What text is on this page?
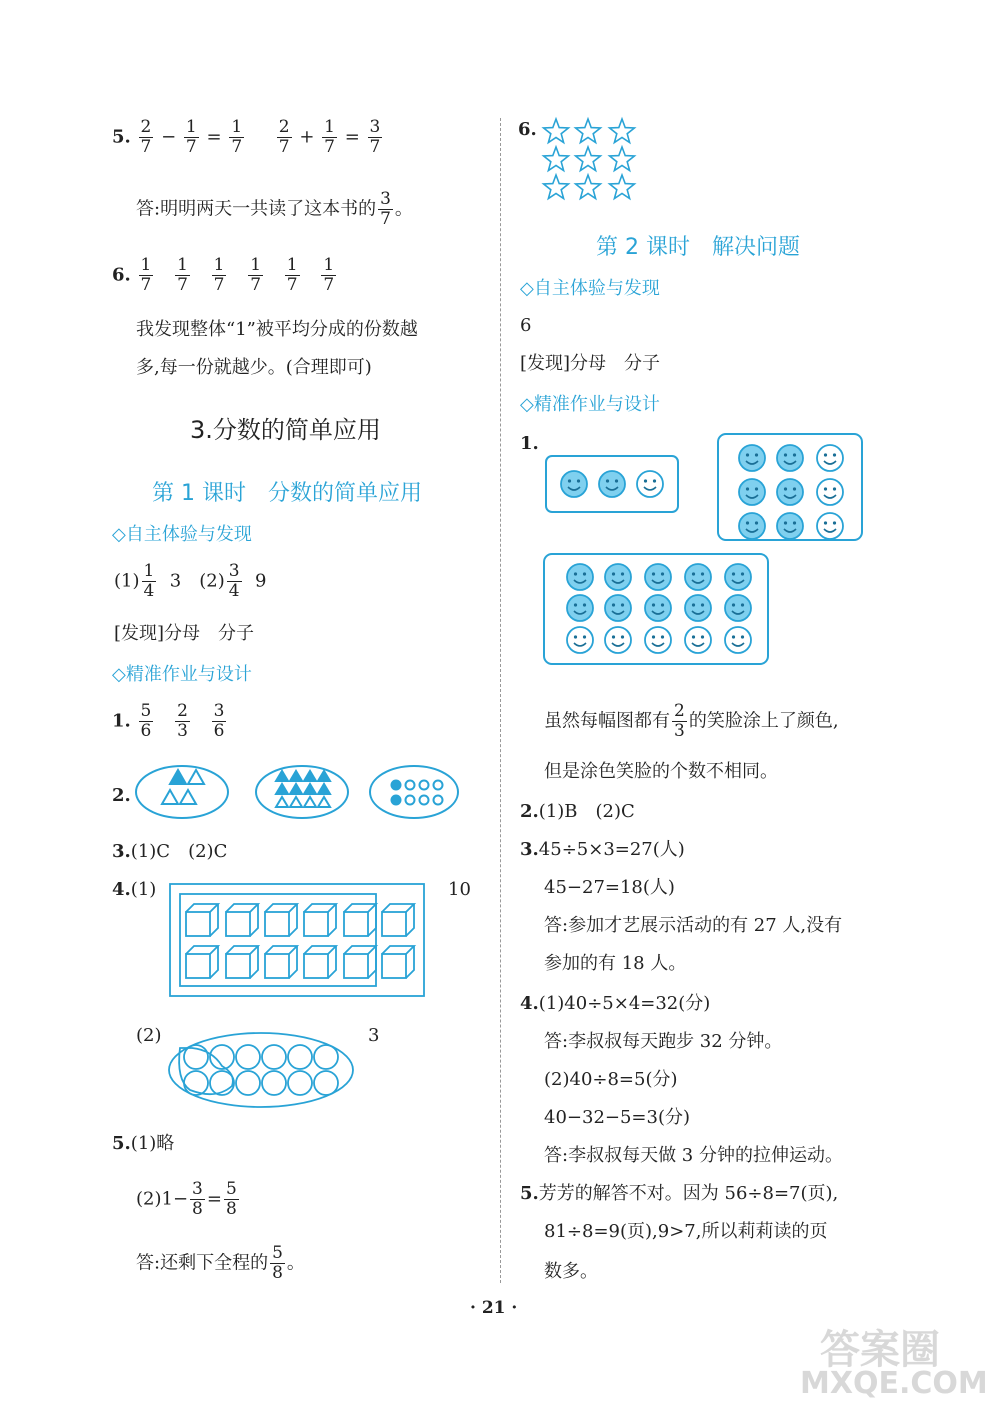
5. $\frac{2}{7} - \frac{1}{7} = \frac{1}{7}$
$\frac{2}{7} + \frac{1}{7} = \frac{3}{7}$
答:明明两天一共读了这本书的 $\frac{3}{7}$ 。
6. $\frac{1}{7}$
$\frac{1}{7}$
$\frac{1}{7}$
$\frac{1}{7}$
$\frac{1}{7}$
$\frac{1}{7}$
我发现整体“1”被平均分成的份数越
多,每一份就越少。(合理即可)
3.分数的简单应用
第 1 课时　分数的简单应用
◇自主体验与发现
$(1) \frac{1}{4} 3$　$(2) \frac{3}{4} 9$
[发现]分母　分子
◇精准作业与设计
1. $\frac{5}{6}$
$\frac{2}{3}$
$\frac{3}{6}$
2.
3.(1)C　(2)C
4.(1)	10
(2)	3
5.(1)略
$(2)1- \frac{3}{8} = \frac{5}{8}$
答:还剩下全程的 $\frac{5}{8}$ 。
6.
第 2 课时　解决问题
◇自主体验与发现
6
[发现]分母　分子
◇精准作业与设计
1.
虽然每幅图都有 $\frac{2}{3}$ 的笑脸涂上了颜色,
但是涂色笑脸的个数不相同。
2.(1)B　(2)C
3.45÷5×3=27(人)
45−27=18(人)
答:参加才艺展示活动的有 27 人,没有
参加的有 18 人。
4.(1)40÷5×4=32(分)
答:李叔叔每天跑步 32 分钟。
(2)40÷8=5(分)
40−32−5=3(分)
答:李叔叔每天做 3 分钟的拉伸运动。
5.芳芳的解答不对。因为 56÷8=7(页),
81÷8=9(页),9>7,所以莉莉读的页
数多。
· 21 ·
答案圈
MXQE.COM
